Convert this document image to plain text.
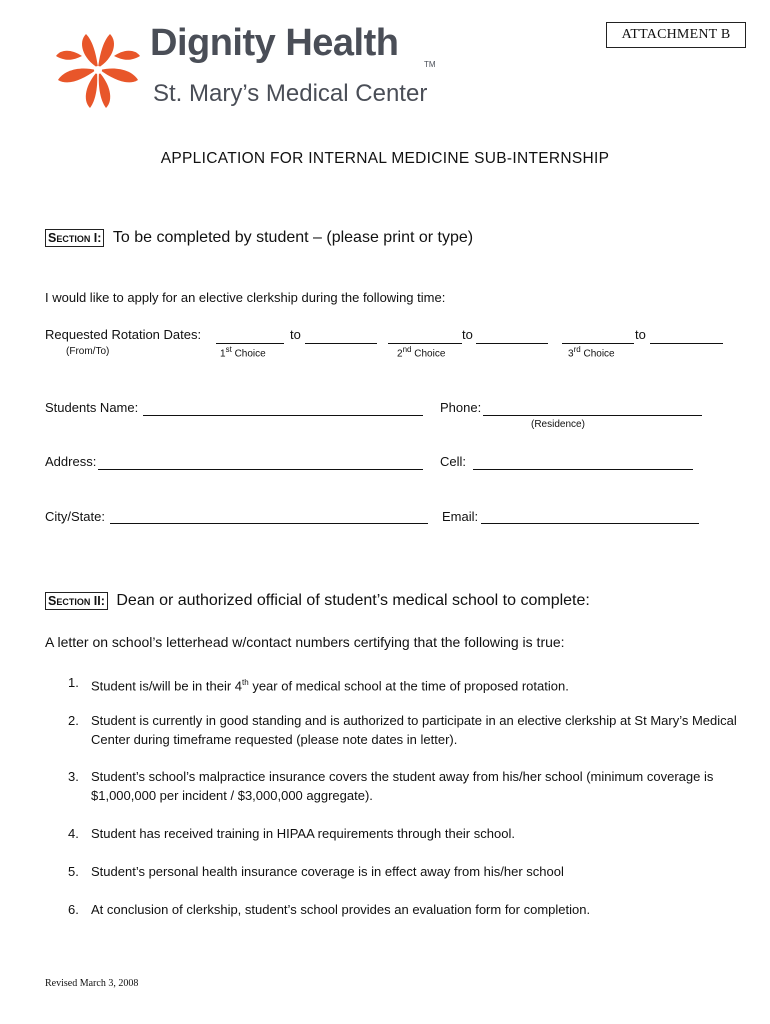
ATTACHMENT B
Dignity Health
TM
St. Mary’s Medical Center
APPLICATION FOR INTERNAL MEDICINE SUB-INTERNSHIP
Section I: To be completed by student – (please print or type)
I would like to apply for an elective clerkship during the following time:
Requested Rotation Dates:	to	to	to
(From/To)	1st Choice	2nd Choice	3rd Choice
Students Name:	Phone:
(Residence)
Address:	Cell:
City/State:	Email:
Section II: Dean or authorized official of student’s medical school to complete:
A letter on school’s letterhead w/contact numbers certifying that the following is true:
1. Student is/will be in their 4th year of medical school at the time of proposed rotation.
2. Student is currently in good standing and is authorized to participate in an elective clerkship at St Mary’s Medical Center during timeframe requested (please note dates in letter).
3. Student’s school’s malpractice insurance covers the student away from his/her school (minimum coverage is $1,000,000 per incident / $3,000,000 aggregate).
4. Student has received training in HIPAA requirements through their school.
5. Student’s personal health insurance coverage is in effect away from his/her school
6. At conclusion of clerkship, student’s school provides an evaluation form for completion.
Revised March 3, 2008
